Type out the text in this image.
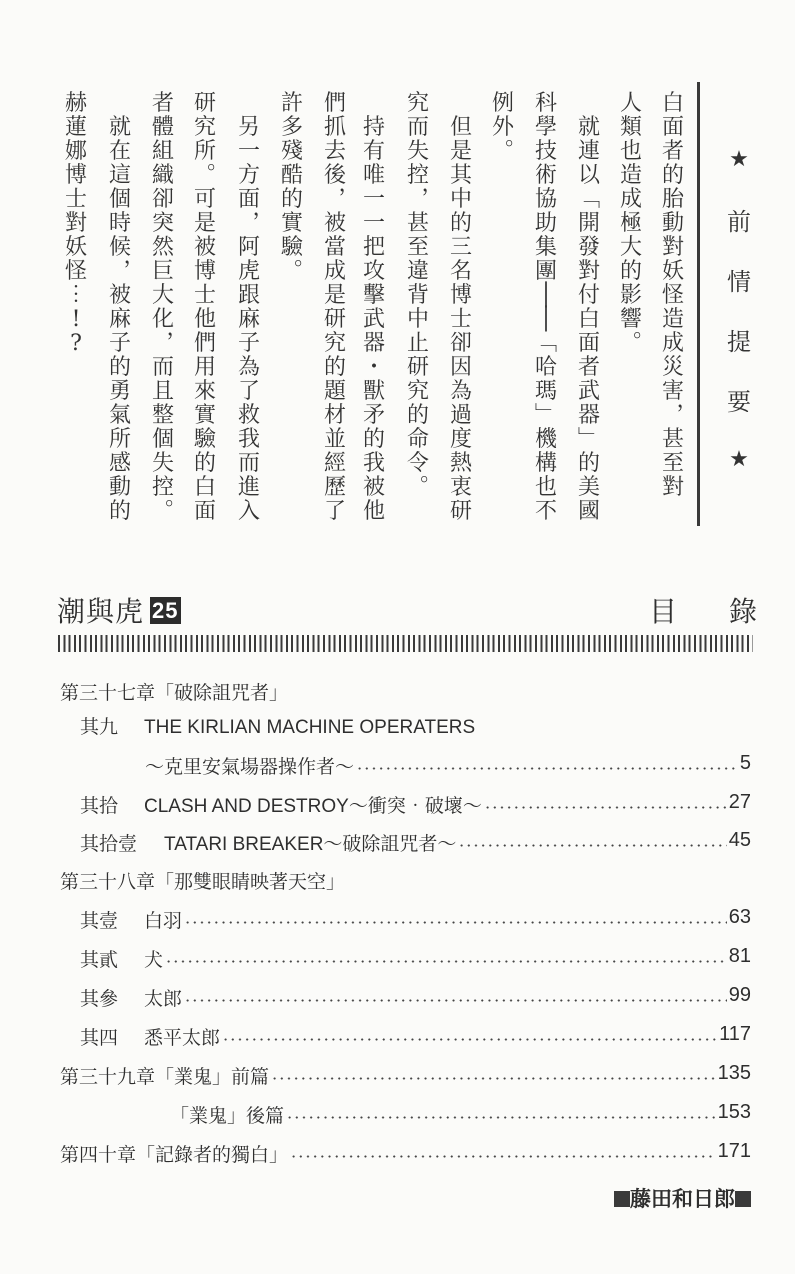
白
面
者
的
胎
動
對
妖
怪
造
成
災
害
︐
甚
至
對
人
類
也
造
成
極
大
的
影
響
︒
就
連
以
﹁
開
發
對
付
白
面
者
武
器
﹂
的
美
國
科
學
技
術
協
助
集
團
│
│
﹁
哈
瑪
﹂
機
構
也
不
例
外
︒
但
是
其
中
的
三
名
博
士
卻
因
為
過
度
熱
衷
研
究
而
失
控
︐
甚
至
違
背
中
止
研
究
的
命
令
︒
持
有
唯
一
一
把
攻
擊
武
器
・
獸
矛
的
我
被
他
們
抓
去
後
︐
被
當
成
是
研
究
的
題
材
並
經
歷
了
許
多
殘
酷
的
實
驗
︒
另
一
方
面
︐
阿
虎
跟
麻
子
為
了
救
我
而
進
入
研
究
所
︒
可
是
被
博
士
他
們
用
來
實
驗
的
白
面
者
體
組
織
卻
突
然
巨
大
化
︐
而
且
整
個
失
控
︒
就
在
這
個
時
候
︐
被
麻
子
的
勇
氣
所
感
動
的
赫
蓮
娜
博
士
對
妖
怪
︙
!
?
★
前
情
提
要
★
潮與虎 25	目 錄
第三十七章「破除詛咒者」
其九 THE KIRLIAN MACHINE OPERATERS
～克里安氣場器操作者～	5
其拾 CLASH AND DESTROY～衝突‧破壞～	27
其拾壹 TATARI BREAKER～破除詛咒者～	45
第三十八章「那雙眼睛映著天空」
其壹 白羽	63
其貳 犬	81
其參 太郎	99
其四 悉平太郎	117
第三十九章「業鬼」前篇	135
「業鬼」後篇	153
第四十章「記錄者的獨白」	171
藤田和日郎
